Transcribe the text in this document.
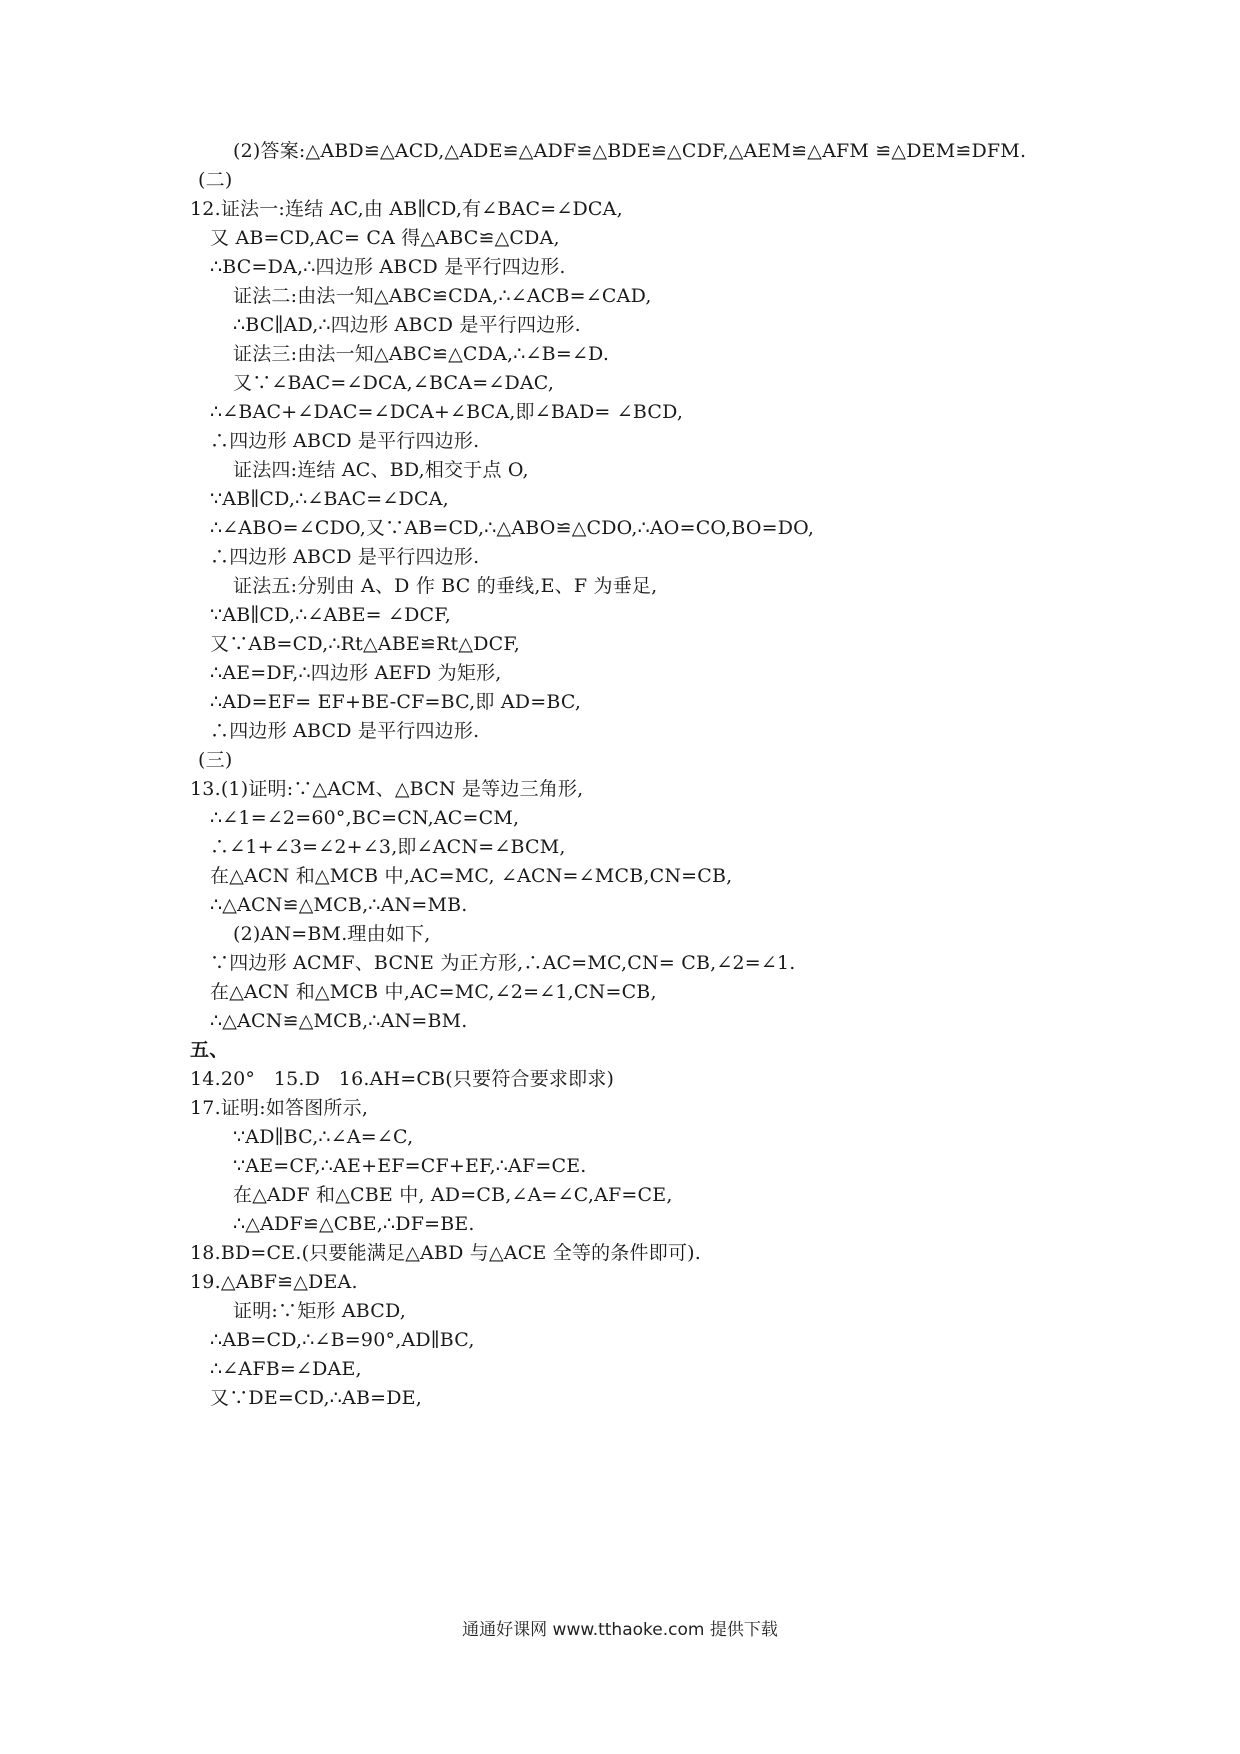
(2)答案:△ABD≌△ACD,△ADE≌△ADF≌△BDE≌△CDF,△AEM≌△AFM ≌△DEM≌DFM.
(二)
12.证法一:连结 AC,由 AB∥CD,有∠BAC=∠DCA,
又 AB=CD,AC= CA 得△ABC≌△CDA,
∴BC=DA,∴四边形 ABCD 是平行四边形.
证法二:由法一知△ABC≌CDA,∴∠ACB=∠CAD,
∴BC∥AD,∴四边形 ABCD 是平行四边形.
证法三:由法一知△ABC≌△CDA,∴∠B=∠D.
又∵∠BAC=∠DCA,∠BCA=∠DAC,
∴∠BAC+∠DAC=∠DCA+∠BCA,即∠BAD= ∠BCD,
∴四边形 ABCD 是平行四边形.
证法四:连结 AC、BD,相交于点 O,
∵AB∥CD,∴∠BAC=∠DCA,
∴∠ABO=∠CDO,又∵AB=CD,∴△ABO≌△CDO,∴AO=CO,BO=DO,
∴四边形 ABCD 是平行四边形.
证法五:分别由 A、D 作 BC 的垂线,E、F 为垂足,
∵AB∥CD,∴∠ABE= ∠DCF,
又∵AB=CD,∴Rt△ABE≌Rt△DCF,
∴AE=DF,∴四边形 AEFD 为矩形,
∴AD=EF= EF+BE-CF=BC,即 AD=BC,
∴四边形 ABCD 是平行四边形.
(三)
13.(1)证明:∵△ACM、△BCN 是等边三角形,
∴∠1=∠2=60°,BC=CN,AC=CM,
∴∠1+∠3=∠2+∠3,即∠ACN=∠BCM,
在△ACN 和△MCB 中,AC=MC, ∠ACN=∠MCB,CN=CB,
∴△ACN≌△MCB,∴AN=MB.
(2)AN=BM.理由如下,
∵四边形 ACMF、BCNE 为正方形,∴AC=MC,CN= CB,∠2=∠1.
在△ACN 和△MCB 中,AC=MC,∠2=∠1,CN=CB,
∴△ACN≌△MCB,∴AN=BM.
五、
14.20°   15.D   16.AH=CB(只要符合要求即求)
17.证明:如答图所示,
∵AD∥BC,∴∠A=∠C,
∵AE=CF,∴AE+EF=CF+EF,∴AF=CE.
在△ADF 和△CBE 中, AD=CB,∠A=∠C,AF=CE,
∴△ADF≌△CBE,∴DF=BE.
18.BD=CE.(只要能满足△ABD 与△ACE 全等的条件即可).
19.△ABF≌△DEA.
证明:∵矩形 ABCD,
∴AB=CD,∴∠B=90°,AD∥BC,
∴∠AFB=∠DAE,
又∵DE=CD,∴AB=DE,
通通好课网 www.tthaoke.com 提供下载
